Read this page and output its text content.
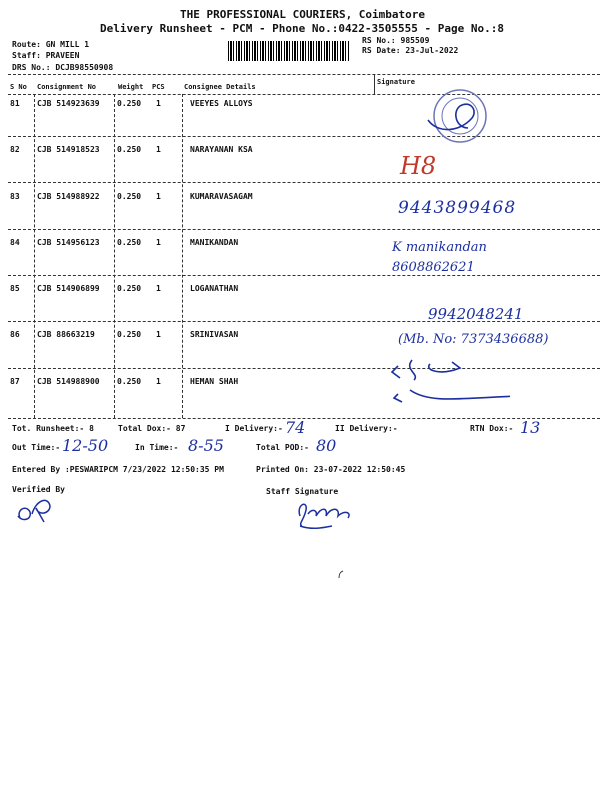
THE PROFESSIONAL COURIERS, Coimbatore
Delivery Runsheet - PCM - Phone No.:0422-3505555 - Page No.:8
Route: GN MILL 1
Staff: PRAVEEN
DRS No.: DCJB98550908
RS No.: 985509
RS Date: 23-Jul-2022
S No Consignment No	Weight PCS	Consignee Details
Signature
81 CJB 514923639 0.250 1	VEEYES ALLOYS
82 CJB 514918523 0.250 1	NARAYANAN KSA
83 CJB 514988922 0.250 1	KUMARAVASAGAM
84 CJB 514956123 0.250 1	MANIKANDAN
85 CJB 514906899 0.250 1	LOGANATHAN
86 CJB 88663219	0.250 1	SRINIVASAN
87 CJB 514988900 0.250 1	HEMAN SHAH
H8
9443899468
K manikandan 8608862621
9942048241
(Mb. No: 7373436688)
Tot. Runsheet:- 8	Total Dox:- 87	I Delivery:- 74	II Delivery:-	RTN Dox:- 13
Out Time:- 12-50	In Time:- 8-55	Total POD:- 80
Entered By :PESWARIPCM 7/23/2022 12:50:35 PM	Printed On: 23-07-2022 12:50:45
Verified By	Staff Signature
